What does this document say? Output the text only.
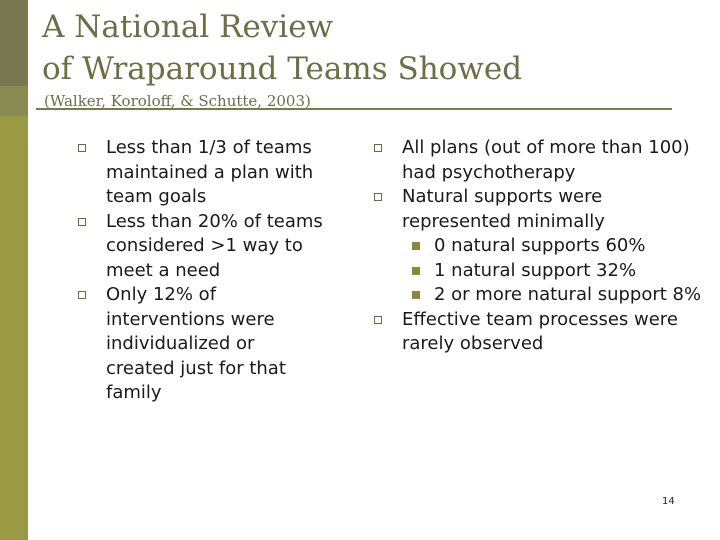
A National Review
of Wraparound Teams Showed
(Walker, Koroloff, & Schutte, 2003)
Less than 1/3 of teams maintained a plan with team goals
Less than 20% of teams considered >1 way to meet a need
Only 12% of interventions were individualized or created just for that family
All plans (out of more than 100) had psychotherapy
Natural supports were represented minimally
0 natural supports 60%
1 natural support 32%
2 or more natural support 8%
Effective team processes were rarely observed
14
